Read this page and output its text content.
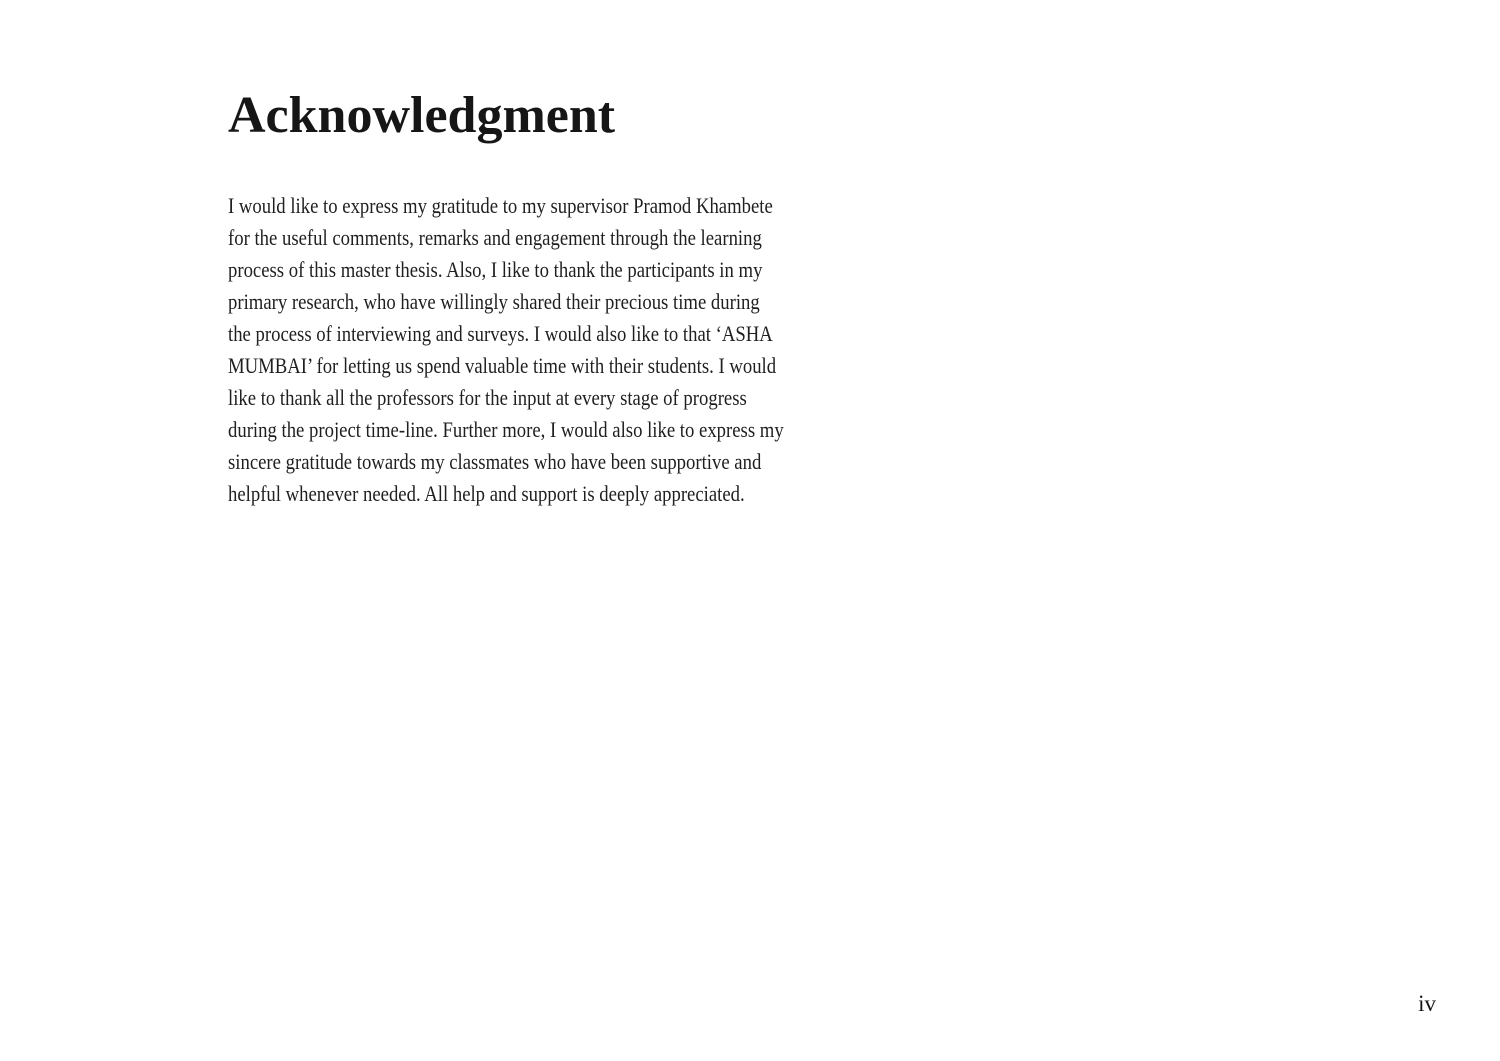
Acknowledgment
I would like to express my gratitude to my supervisor Pramod Khambete
for the useful comments, remarks and engagement through the learning
process of this master thesis. Also, I like to thank the participants in my
primary research, who have willingly shared their precious time during
the process of interviewing and surveys. I would also like to that ‘ASHA
MUMBAI’ for letting us spend valuable time with their students. I would
like to thank all the professors for the input at every stage of progress
during the project time-line. Further more, I would also like to express my
sincere gratitude towards my classmates who have been supportive and
helpful whenever needed. All help and support is deeply appreciated.
iv
